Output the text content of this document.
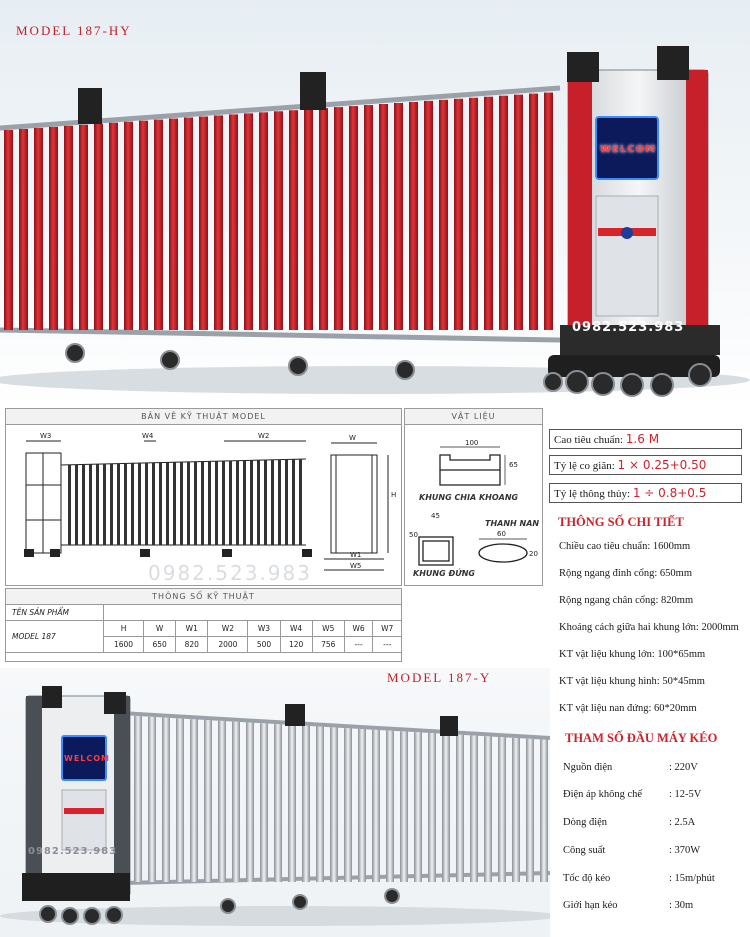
MODEL 187-HY
WELCOM
0982.523.983
BẢN VẼ KỸ THUẬT MODEL
W3	W4	W2	W
H
W1
W5
0982.523.983
VẬT LIỆU
100
65
KHUNG CHIA KHOANG
45
50
THANH NAN
60
20
KHUNG ĐỨNG
THÔNG SỐ KỸ THUẬT
TÊN SẢN PHẨM									
MODEL 187	H	W	W1	W2	W3	W4	W5	W6	W7
	1600	650	820	2000	500	120	756	---	---
Cao tiêu chuẩn: 1.6 M
Tỷ lệ co giãn: 1 × 0.25+0.50
Tỷ lệ thông thủy: 1 ÷ 0.8+0.5
THÔNG SỐ CHI TIẾT
Chiều cao tiêu chuẩn: 1600mm
Rộng ngang đỉnh cổng: 650mm
Rộng ngang chân cổng: 820mm
Khoảng cách giữa hai khung lớn: 2000mm
KT vật liệu khung lớn: 100*65mm
KT vật liệu khung hình: 50*45mm
KT vật liệu nan đứng: 60*20mm
THAM SỐ ĐẦU MÁY KÉO
Nguồn điện	: 220V
Điện áp không chế	: 12-5V
Dòng điện	: 2.5A
Công suất	: 370W
Tốc độ kéo	: 15m/phút
Giới hạn kéo	: 30m
MODEL 187-Y
WELCOM
0982.523.983
